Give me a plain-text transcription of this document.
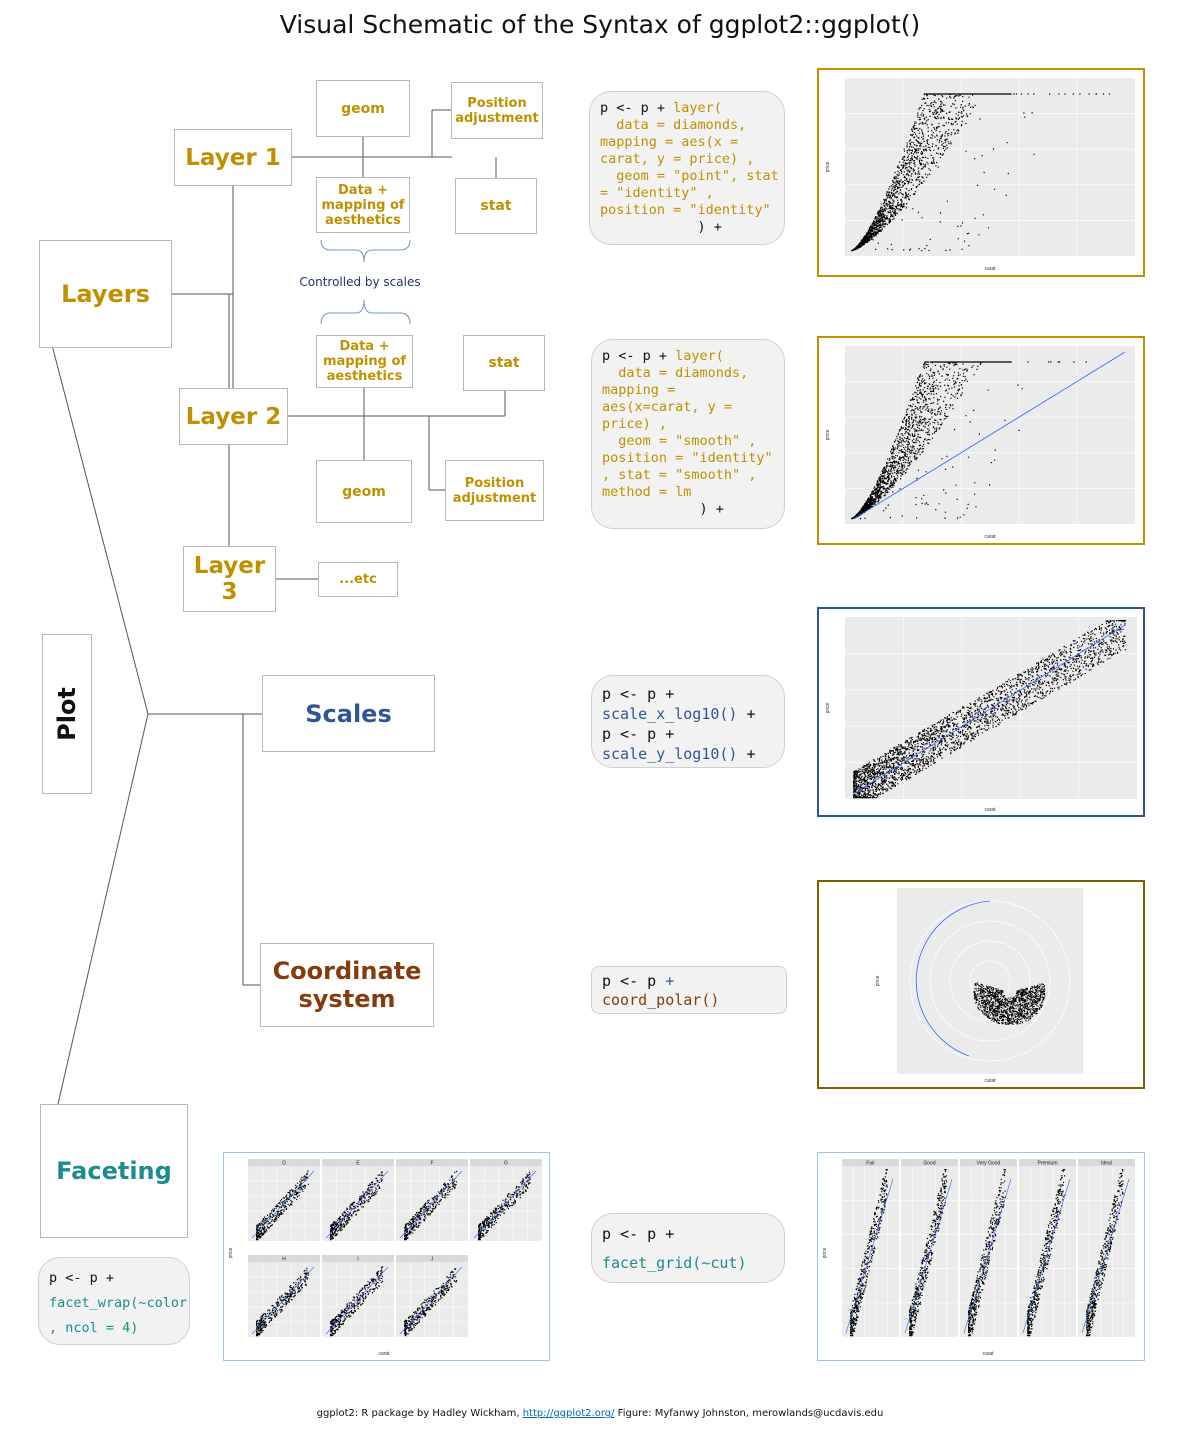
Visual Schematic of the Syntax of ggplot2::ggplot()
Plot
Layers
Layer 1
geom	Position adjustment
Data + mapping of aesthetics
stat
Controlled by scales
Data + mapping of aesthetics
stat
Layer 2
geom
Position adjustment
Layer 3	...etc
Scales
Coordinate system
Faceting
p <- p + layer(
data = diamonds,
mapping = aes(x =
carat, y = price) ,
geom = "point", stat
= "identity" ,
position = "identity"
) +
p <- p + layer(
data = diamonds,
mapping =
aes(x=carat, y =
price) ,
geom = "smooth" ,
position = "identity"
, stat = "smooth" ,
method = lm
) +
p <- p +
scale_x_log10() +
p <- p +
scale_y_log10() +
p <- p +
coord_polar()
p <- p +
facet_wrap(~color
, ncol = 4)
p <- p +
facet_grid(~cut)
carat
price
carat
price
carat
price
carat
price
D	E	F	G
H	I	J
carat
price
Fair	Good	Very Good	Premium	Ideal
carat
price
ggplot2: R package by Hadley Wickham, http://ggplot2.org/ Figure: Myfanwy Johnston, merowlands@ucdavis.edu
